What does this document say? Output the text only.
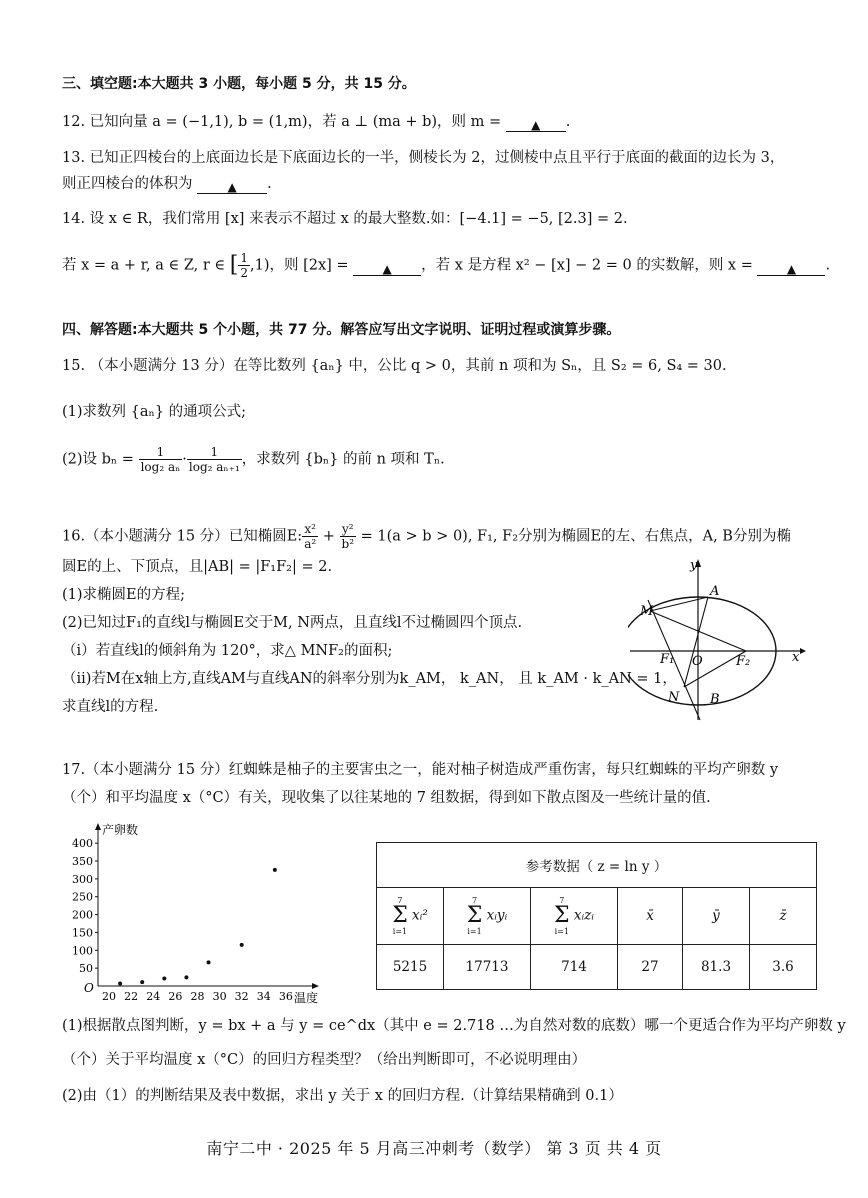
三、填空题:本大题共 3 小题，每小题 5 分，共 15 分。
12. 已知向量 a = (−1,1), b = (1,m)，若 a ⊥ (ma + b)，则 m = ▲ .
13. 已知正四棱台的上底面边长是下底面边长的一半，侧棱长为 2，过侧棱中点且平行于底面的截面的边长为 3，
则正四棱台的体积为	▲ .
14. 设 x ∈ R，我们常用 [x] 来表示不超过 x 的最大整数.如：[−4.1] = −5, [2.3] = 2.
若 x = a + r, a ∈ Z, r ∈ [ $\frac{1}{2} ,1$)，则 [2x] =	▲ ，若 x 是方程 x² − [x] − 2 = 0 的实数解，则 x =	▲ .
四、解答题:本大题共 5 个小题，共 77 分。解答应写出文字说明、证明过程或演算步骤。
15. （本小题满分 13 分）在等比数列 {aₙ} 中，公比 q > 0，其前 n 项和为 Sₙ，且 S₂ = 6, S₄ = 30.
(1)求数列 {aₙ} 的通项公式;
(2)设 $b_n = \frac{1}{\text{log₂ aₙ}} \cdot \frac{1}{\text{log₂ aₙ₊₁}}$ ，求数列 {bₙ} 的前 n 项和 Tₙ.
16.（本小题满分 15 分）已知椭圆E: $\frac{\text{x²}}{\text{a²}} + \frac{\text{y²}}{\text{b²}} = 1(a > b > 0)$, F₁, F₂分别为椭圆E的左、右焦点，A, B分别为椭
圆E的上、下顶点，且|AB| = |F₁F₂| = 2.
(1)求椭圆E的方程;
(2)已知过F₁的直线l与椭圆E交于M, N两点，且直线l不过椭圆四个顶点.
（i）若直线l的倾斜角为 120°，求△ MNF₂的面积;
（ii)若M在x轴上方,直线AM与直线AN的斜率分别为k_AM， k_AN， 且 k_AM · k_AN = 1，
求直线l的方程.
y
x
A
B
M
N
O
F₁	F₂
17.（本小题满分 15 分）红蜘蛛是柚子的主要害虫之一，能对柚子树造成严重伤害，每只红蜘蛛的平均产卵数 y
（个）和平均温度 x（°C）有关，现收集了以往某地的 7 组数据，得到如下散点图及一些统计量的值.
产卵数
温度
O
50
100
150
200
250
300
350
400
20 22 24 26 28 30 32 34 36
参考数据（ z = ln y ）					

7
Σ
i=1
xᵢ²	7
Σ
i=1
xᵢyᵢ	7
Σ
i=1
xᵢzᵢ	x̄	ȳ	z̄
5215	17713	714	27	81.3	3.6
(1)根据散点图判断，y = bx + a 与 y = ce^dx（其中 e = 2.718 …为自然对数的底数）哪一个更适合作为平均产卵数 y
（个）关于平均温度 x（°C）的回归方程类型？（给出判断即可，不必说明理由）
(2)由（1）的判断结果及表中数据，求出 y 关于 x 的回归方程.（计算结果精确到 0.1）
南宁二中 · 2025 年 5 月高三冲刺考（数学） 第 3 页 共 4 页
